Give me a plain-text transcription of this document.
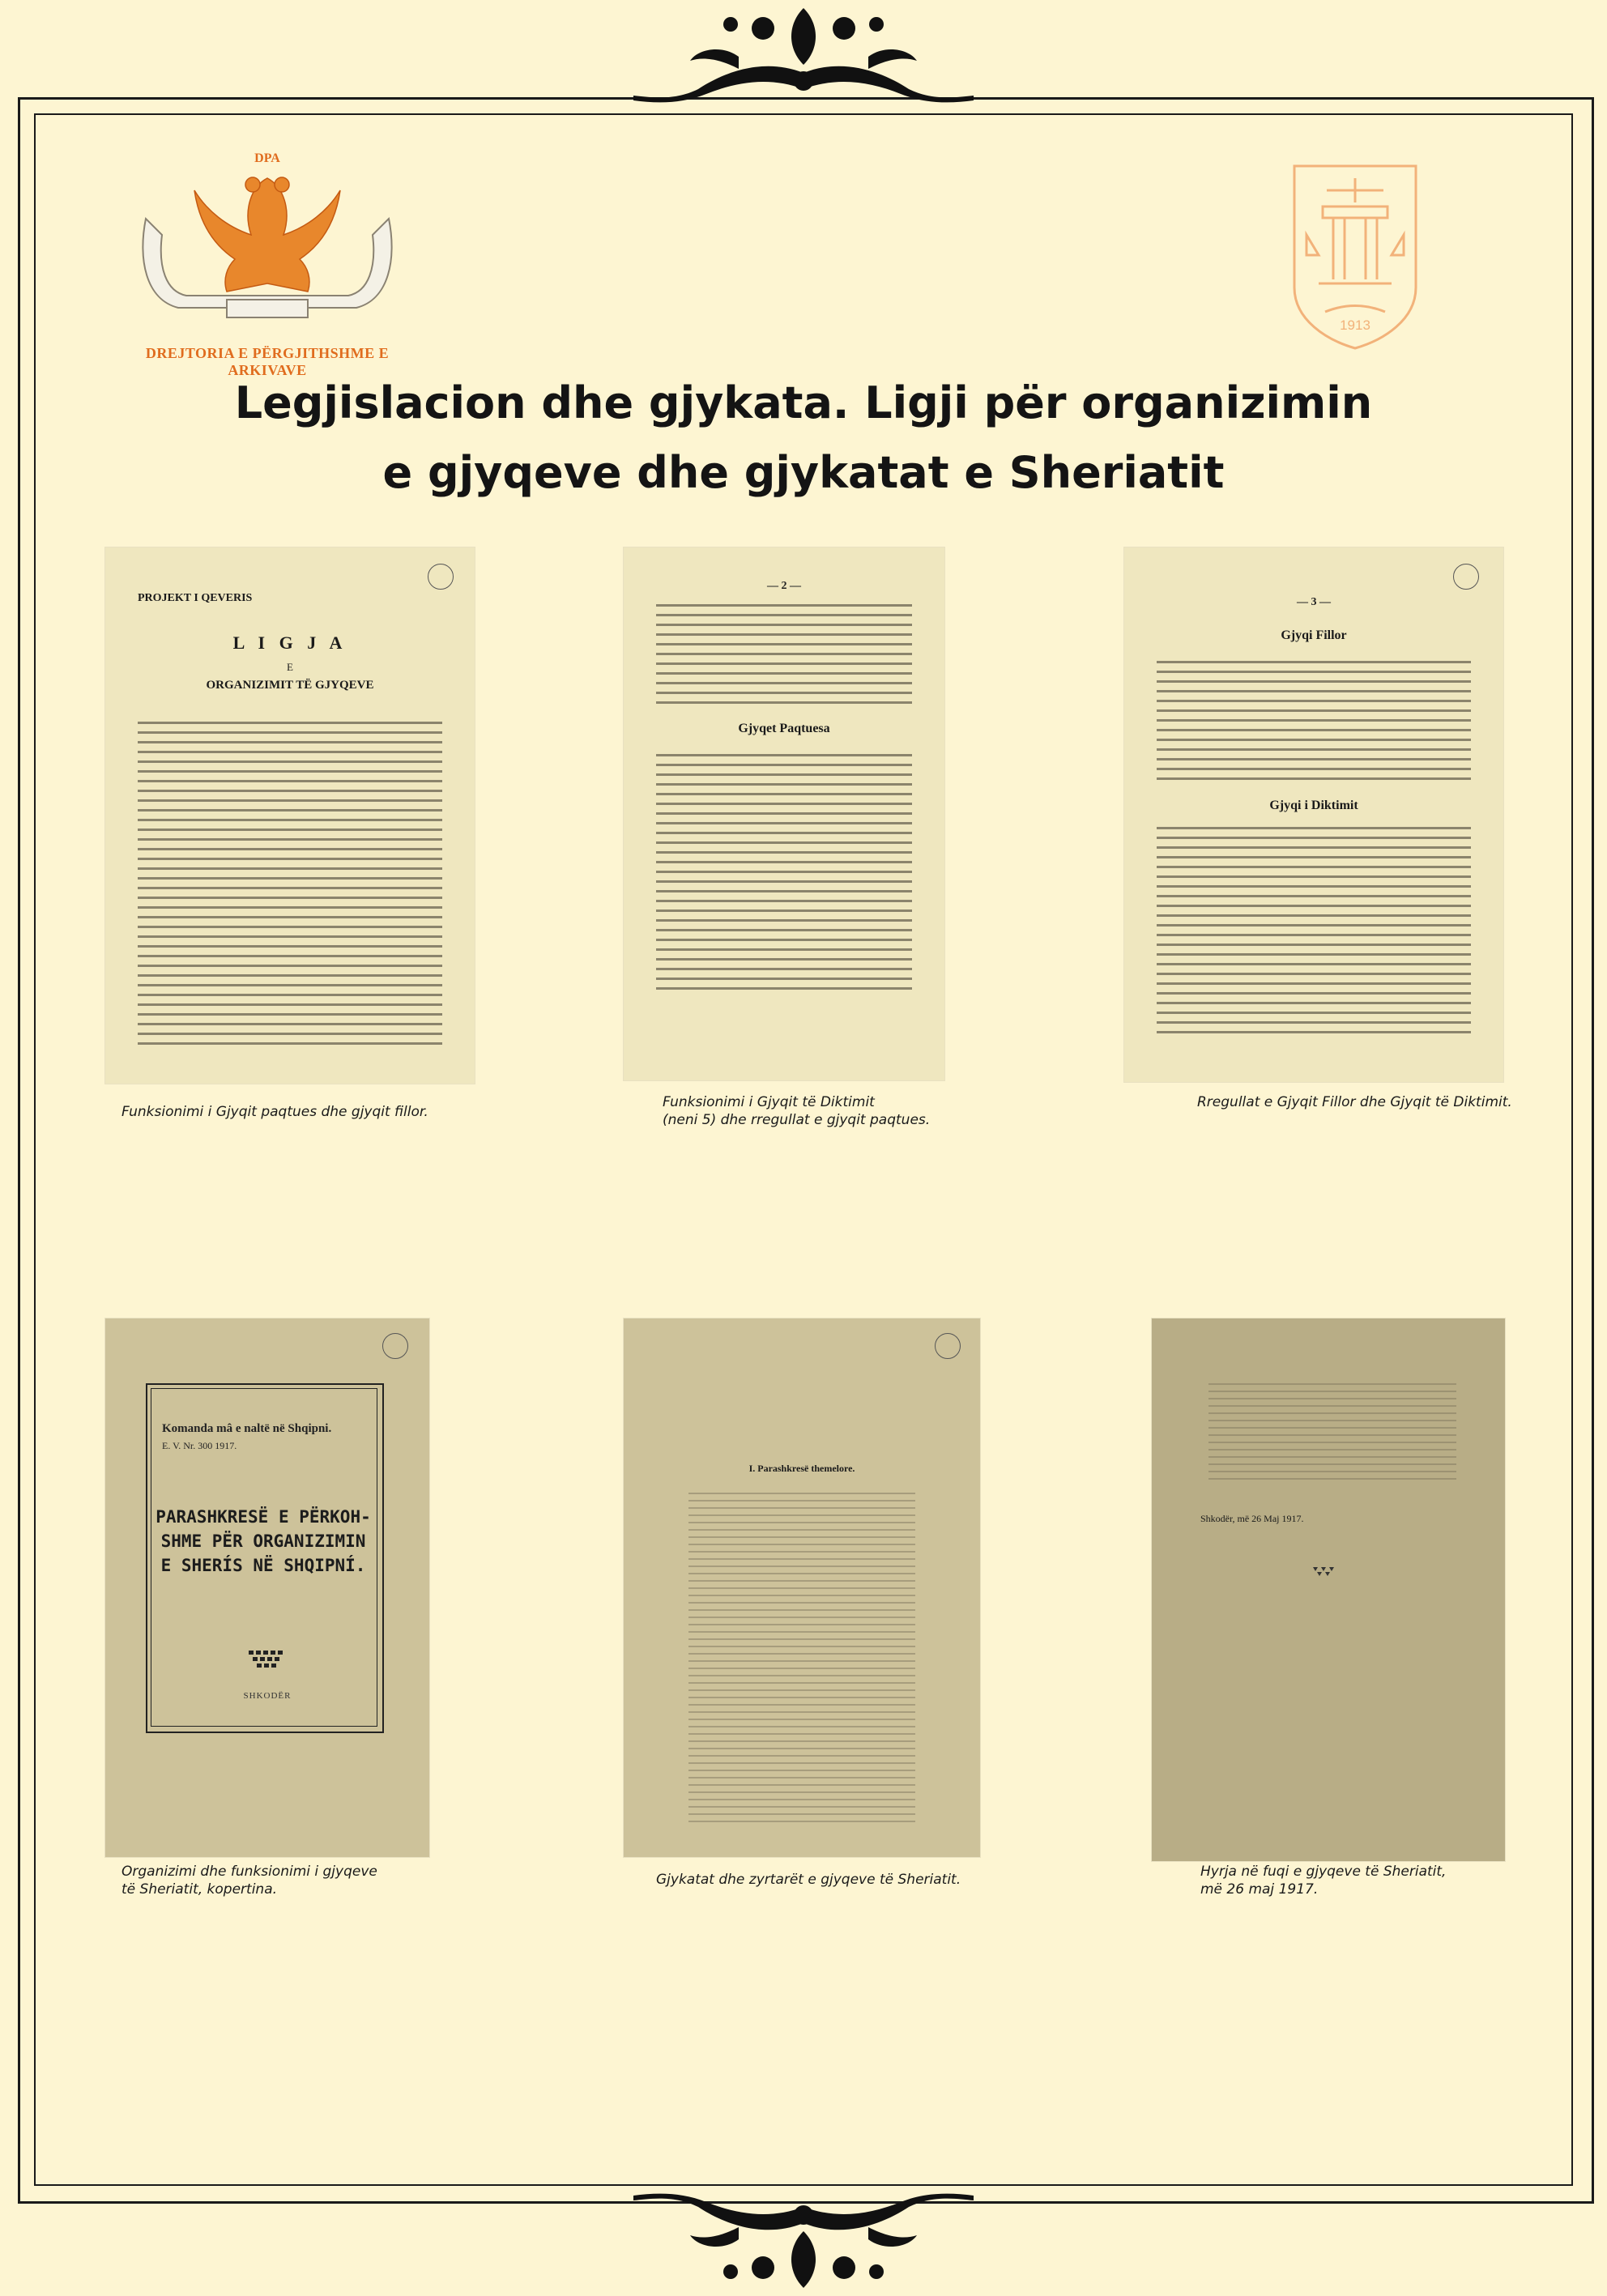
DPA
DREJTORIA E PËRGJITHSHME E ARKIVAVE
1913
Legjislacion dhe gjykata. Ligji për organizimin
e gjyqeve dhe gjykatat e Sheriatit
PROJEKT I QEVERIS
L I G J A
E
ORGANIZIMIT TË GJYQEVE
Funksionimi i Gjyqit paqtues dhe gjyqit fillor.
— 2 —
Gjyqet Paqtuesa
Funksionimi i Gjyqit të Diktimit
(neni 5) dhe rregullat e gjyqit paqtues.
— 3 —
Gjyqi Fillor
Gjyqi i Diktimit
Rregullat e Gjyqit Fillor dhe Gjyqit të Diktimit.
Komanda mâ e naltë në Shqipni.
E. V. Nr. 300 1917.
PARASHKRESË E PËRKOH-SHME PËR ORGANIZIMIN E SHERÍS NË SHQIPNÍ.
SHKODËR
Organizimi dhe funksionimi i gjyqeve
të Sheriatit, kopertina.
I. Parashkresë themelore.
Gjykatat dhe zyrtarët e gjyqeve të Sheriatit.
Shkodër, më 26 Maj 1917.
Hyrja në fuqi e gjyqeve të Sheriatit,
më 26 maj 1917.
